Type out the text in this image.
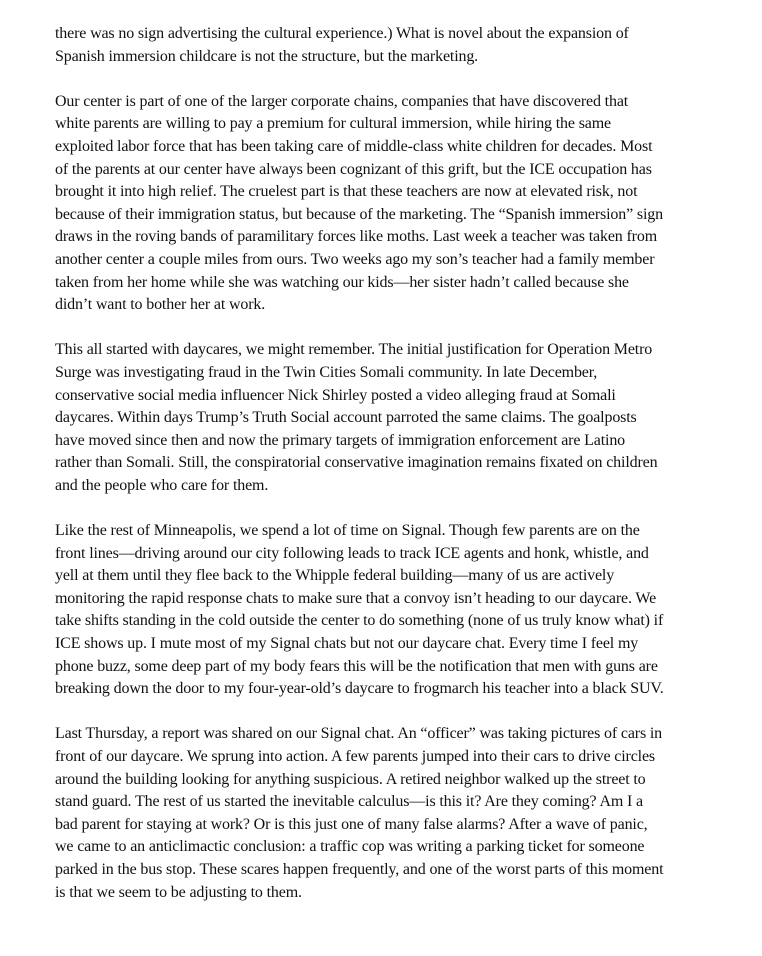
there was no sign advertising the cultural experience.) What is novel about the expansion of
Spanish immersion childcare is not the structure, but the marketing.

Our center is part of one of the larger corporate chains, companies that have discovered that
white parents are willing to pay a premium for cultural immersion, while hiring the same
exploited labor force that has been taking care of middle-class white children for decades. Most
of the parents at our center have always been cognizant of this grift, but the ICE occupation has
brought it into high relief. The cruelest part is that these teachers are now at elevated risk, not
because of their immigration status, but because of the marketing. The “Spanish immersion” sign
draws in the roving bands of paramilitary forces like moths. Last week a teacher was taken from
another center a couple miles from ours. Two weeks ago my son’s teacher had a family member
taken from her home while she was watching our kids—her sister hadn’t called because she
didn’t want to bother her at work.

This all started with daycares, we might remember. The initial justification for Operation Metro
Surge was investigating fraud in the Twin Cities Somali community. In late December,
conservative social media influencer Nick Shirley posted a video alleging fraud at Somali
daycares. Within days Trump’s Truth Social account parroted the same claims. The goalposts
have moved since then and now the primary targets of immigration enforcement are Latino
rather than Somali. Still, the conspiratorial conservative imagination remains fixated on children
and the people who care for them.

Like the rest of Minneapolis, we spend a lot of time on Signal. Though few parents are on the
front lines—driving around our city following leads to track ICE agents and honk, whistle, and
yell at them until they flee back to the Whipple federal building—many of us are actively
monitoring the rapid response chats to make sure that a convoy isn’t heading to our daycare. We
take shifts standing in the cold outside the center to do something (none of us truly know what) if
ICE shows up. I mute most of my Signal chats but not our daycare chat. Every time I feel my
phone buzz, some deep part of my body fears this will be the notification that men with guns are
breaking down the door to my four-year-old’s daycare to frogmarch his teacher into a black SUV.

Last Thursday, a report was shared on our Signal chat. An “officer” was taking pictures of cars in
front of our daycare. We sprung into action. A few parents jumped into their cars to drive circles
around the building looking for anything suspicious. A retired neighbor walked up the street to
stand guard. The rest of us started the inevitable calculus—is this it? Are they coming? Am I a
bad parent for staying at work? Or is this just one of many false alarms? After a wave of panic,
we came to an anticlimactic conclusion: a traffic cop was writing a parking ticket for someone
parked in the bus stop. These scares happen frequently, and one of the worst parts of this moment
is that we seem to be adjusting to them.
